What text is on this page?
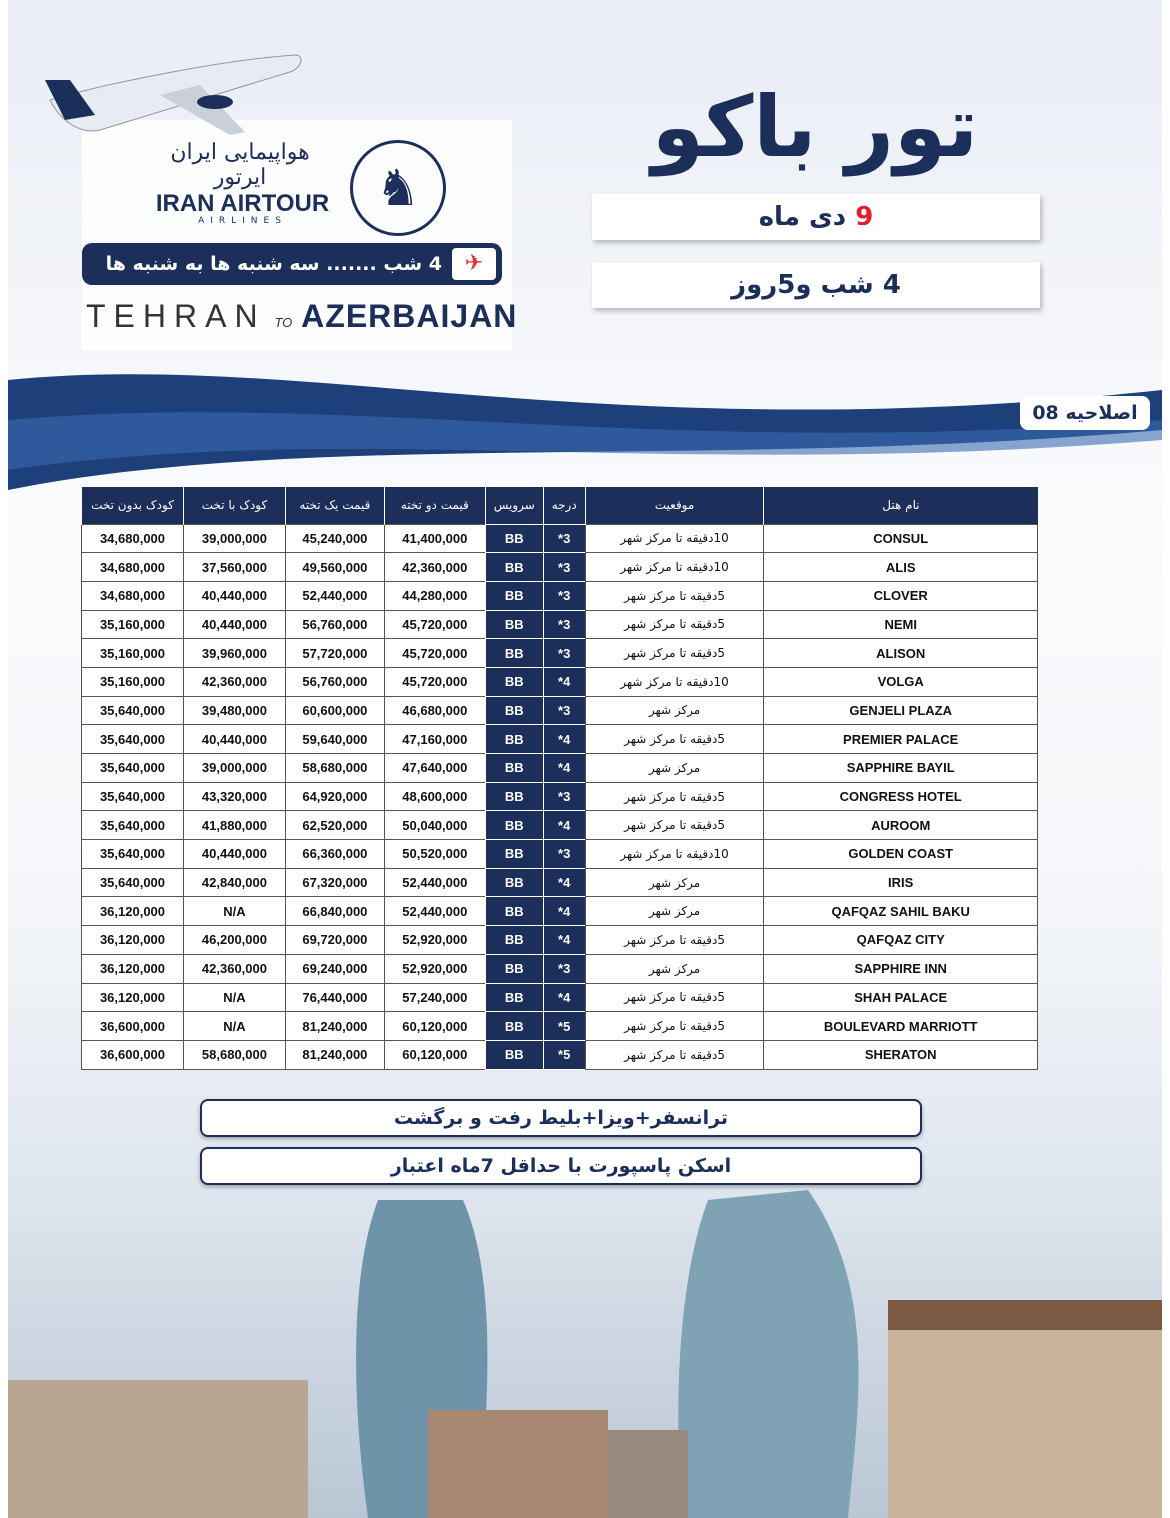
♞
هواپیمایی ایران ایرتور
IRAN AIRTOUR
AIRLINES
4 شب ....... سه شنبه ها به شنبه ها	✈
TEHRAN TO AZERBAIJAN
تور باکو
9 دی ماه
4 شب و5روز
اصلاحیه 08
نام هتل	موقعیت	درجه	سرویس	قیمت دو تخته	قیمت یک تخته	کودک با تخت	کودک بدون تخت
CONSUL	10دقیقه تا مرکز شهر	3*	BB	41,400,000	45,240,000	39,000,000	34,680,000
ALIS	10دقیقه تا مرکز شهر	3*	BB	42,360,000	49,560,000	37,560,000	34,680,000
CLOVER	5دقیقه تا مرکز شهر	3*	BB	44,280,000	52,440,000	40,440,000	34,680,000
NEMI	5دقیقه تا مرکز شهر	3*	BB	45,720,000	56,760,000	40,440,000	35,160,000
ALISON	5دقیقه تا مرکز شهر	3*	BB	45,720,000	57,720,000	39,960,000	35,160,000
VOLGA	10دقیقه تا مرکز شهر	4*	BB	45,720,000	56,760,000	42,360,000	35,160,000
GENJELI PLAZA	مرکز شهر	3*	BB	46,680,000	60,600,000	39,480,000	35,640,000
PREMIER PALACE	5دقیقه تا مرکز شهر	4*	BB	47,160,000	59,640,000	40,440,000	35,640,000
SAPPHIRE BAYIL	مرکز شهر	4*	BB	47,640,000	58,680,000	39,000,000	35,640,000
CONGRESS HOTEL	5دقیقه تا مرکز شهر	3*	BB	48,600,000	64,920,000	43,320,000	35,640,000
AUROOM	5دقیقه تا مرکز شهر	4*	BB	50,040,000	62,520,000	41,880,000	35,640,000
GOLDEN COAST	10دقیقه تا مرکز شهر	3*	BB	50,520,000	66,360,000	40,440,000	35,640,000
IRIS	مرکز شهر	4*	BB	52,440,000	67,320,000	42,840,000	35,640,000
QAFQAZ SAHIL BAKU	مرکز شهر	4*	BB	52,440,000	66,840,000	N/A	36,120,000
QAFQAZ CITY	5دقیقه تا مرکز شهر	4*	BB	52,920,000	69,720,000	46,200,000	36,120,000
SAPPHIRE INN	مرکز شهر	3*	BB	52,920,000	69,240,000	42,360,000	36,120,000
SHAH PALACE	5دقیقه تا مرکز شهر	4*	BB	57,240,000	76,440,000	N/A	36,120,000
BOULEVARD MARRIOTT	5دقیقه تا مرکز شهر	5*	BB	60,120,000	81,240,000	N/A	36,600,000
SHERATON	5دقیقه تا مرکز شهر	5*	BB	60,120,000	81,240,000	58,680,000	36,600,000
ترانسفر+ویزا+بلیط رفت و برگشت
اسکن پاسپورت با حداقل 7ماه اعتبار
